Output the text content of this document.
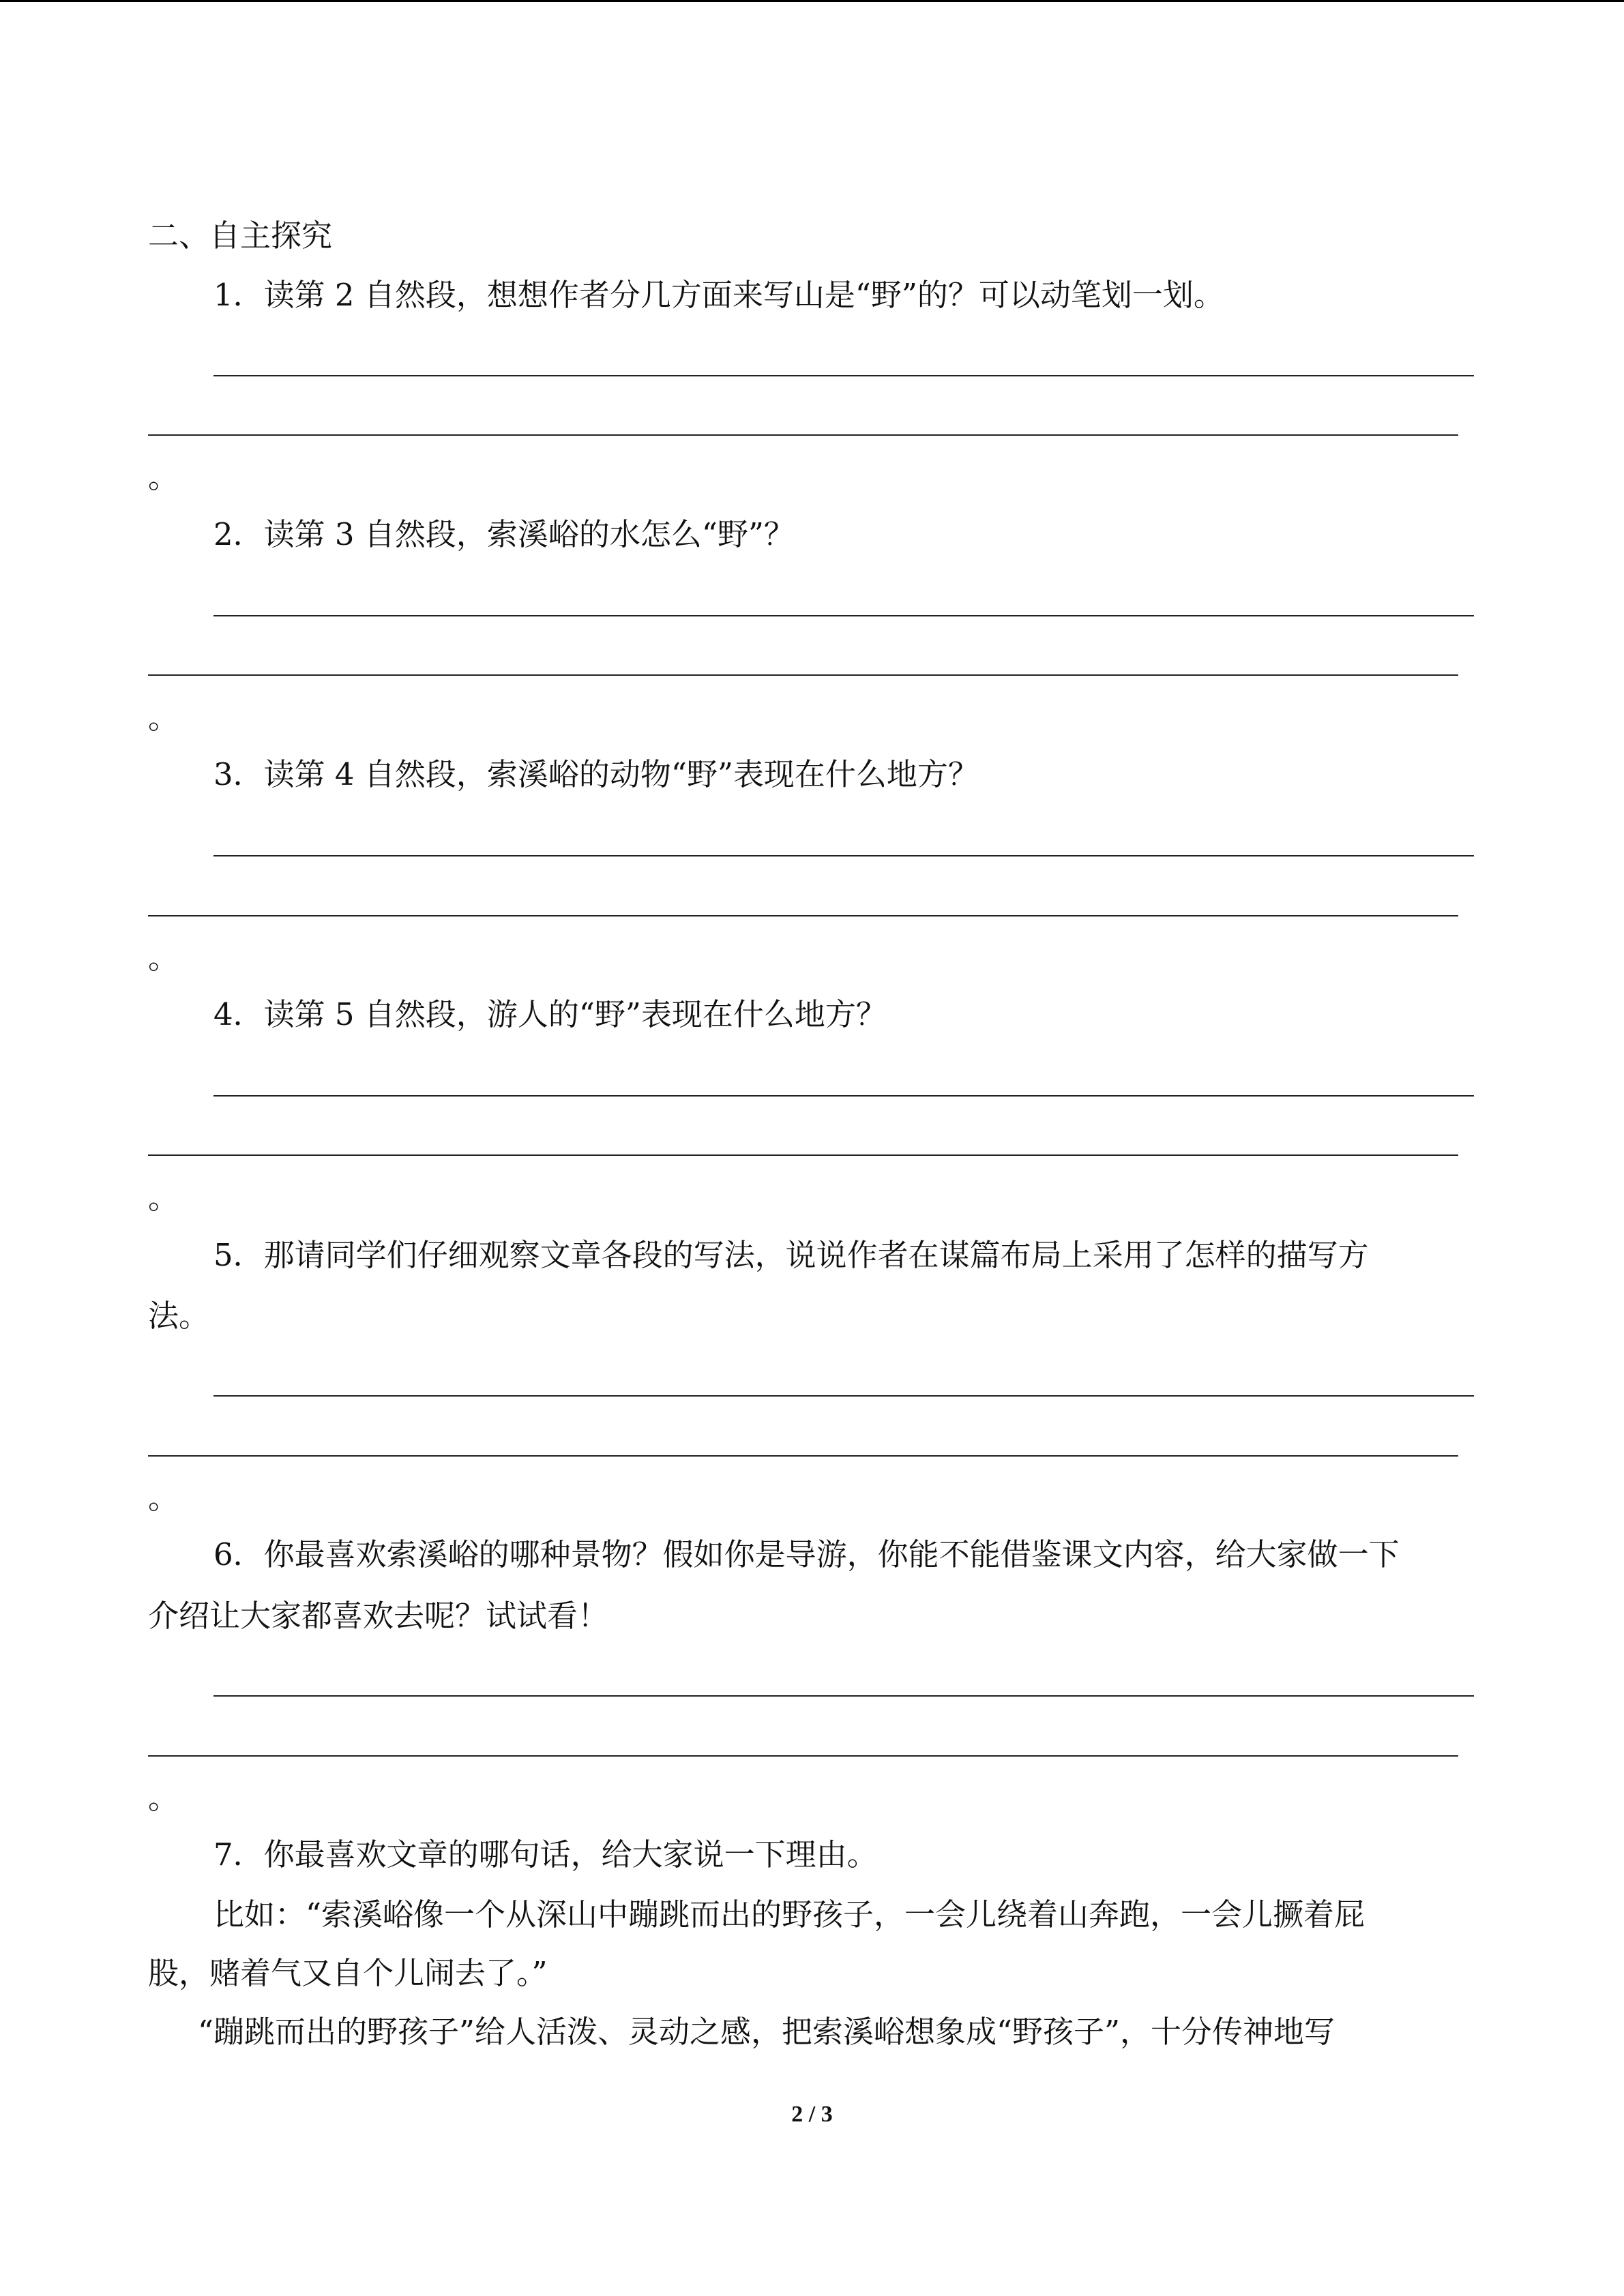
二、自主探究
1．读第 2 自然段，想想作者分几方面来写山是“野”的？可以动笔划一划。
。
2．读第 3 自然段，索溪峪的水怎么“野”？
。
3．读第 4 自然段，索溪峪的动物“野”表现在什么地方？
。
4．读第 5 自然段，游人的“野”表现在什么地方？
。
5．那请同学们仔细观察文章各段的写法，说说作者在谋篇布局上采用了怎样的描写方
法。
。
6．你最喜欢索溪峪的哪种景物？假如你是导游，你能不能借鉴课文内容，给大家做一下
介绍让大家都喜欢去呢？试试看！
。
7．你最喜欢文章的哪句话，给大家说一下理由。
比如：“索溪峪像一个从深山中蹦跳而出的野孩子，一会儿绕着山奔跑，一会儿撅着屁
股，赌着气又自个儿闹去了。”
“蹦跳而出的野孩子”给人活泼、灵动之感，把索溪峪想象成“野孩子”，十分传神地写
2 / 3
